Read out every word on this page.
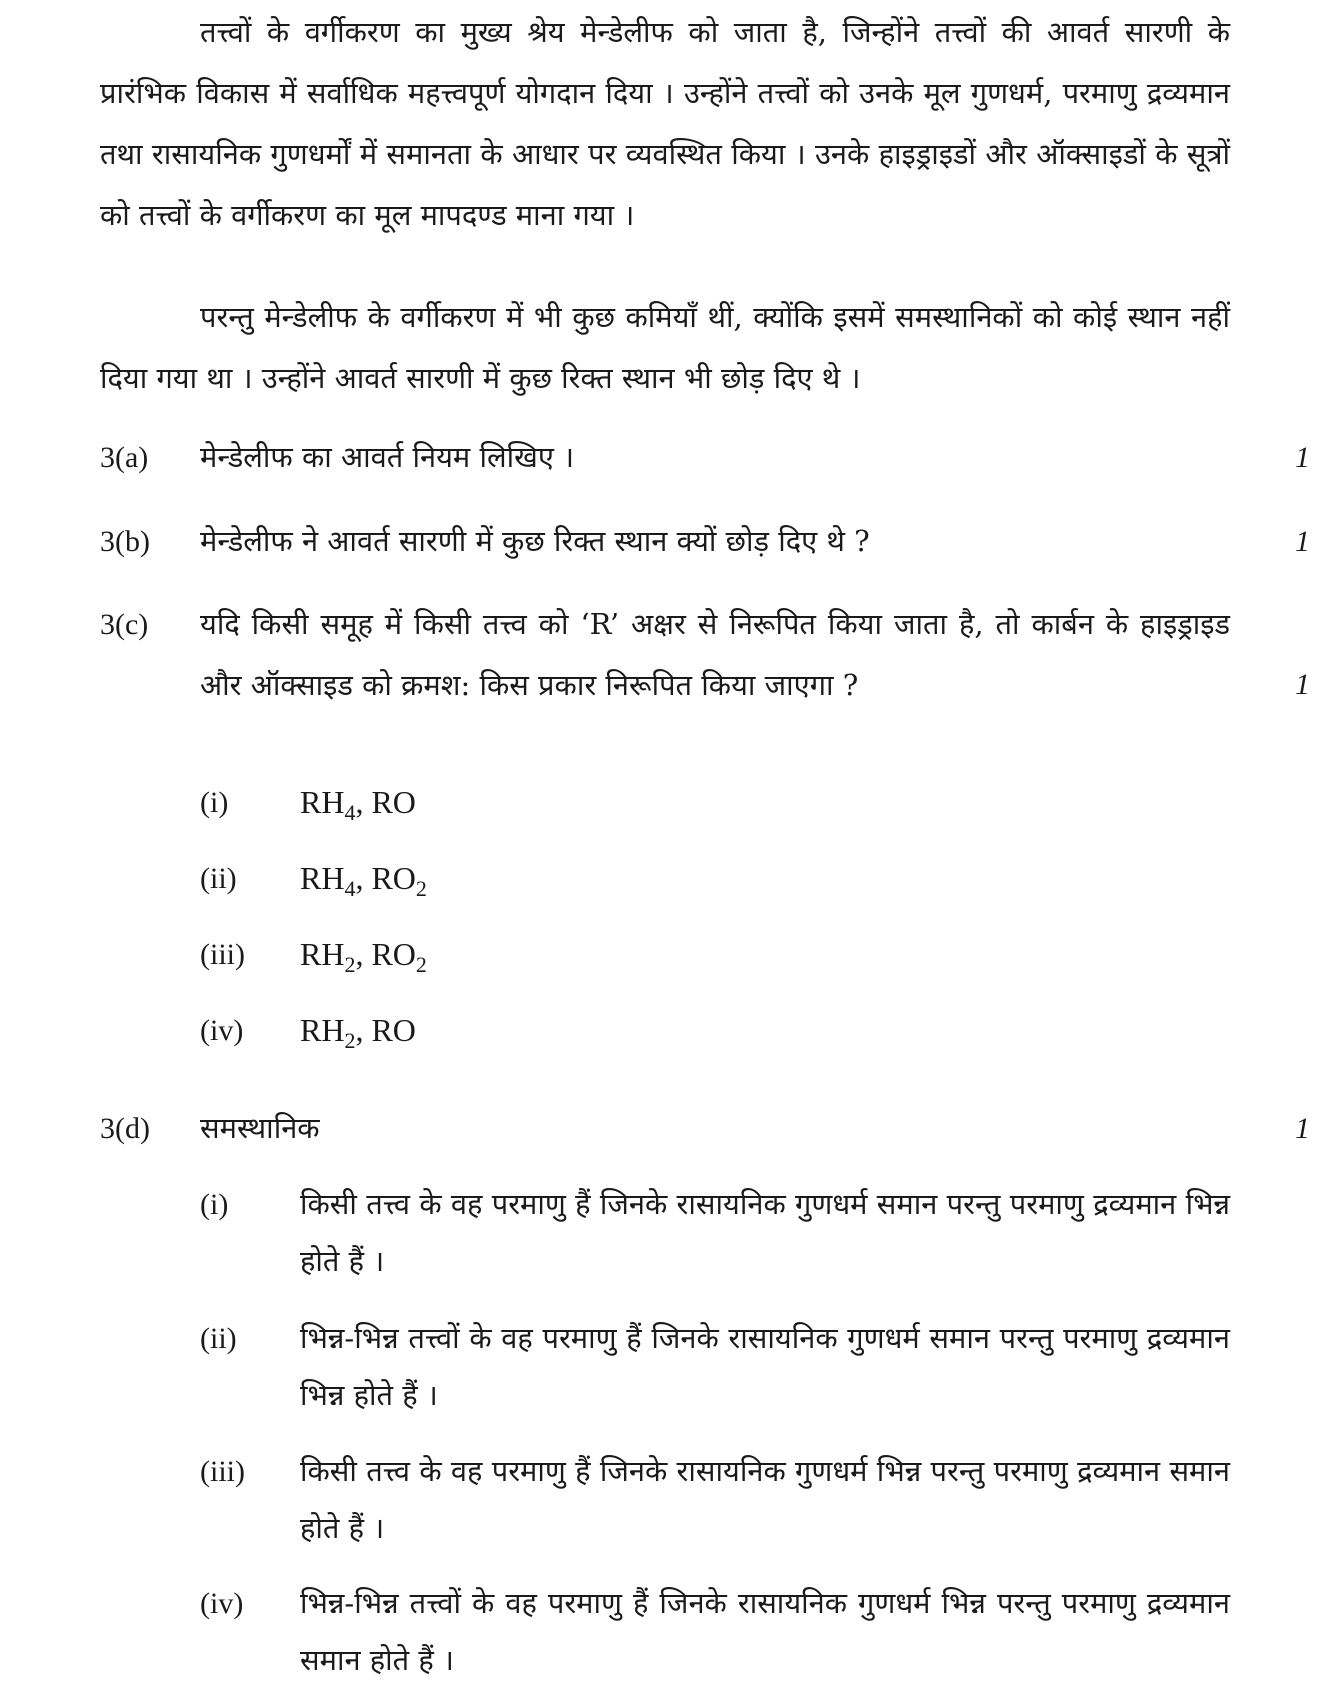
तत्त्वों के वर्गीकरण का मुख्य श्रेय मेन्डेलीफ को जाता है, जिन्होंने तत्त्वों की आवर्त सारणी के प्रारंभिक विकास में सर्वाधिक महत्त्वपूर्ण योगदान दिया । उन्होंने तत्त्वों को उनके मूल गुणधर्म, परमाणु द्रव्यमान तथा रासायनिक गुणधर्मों में समानता के आधार पर व्यवस्थित किया । उनके हाइड्राइडों और ऑक्साइडों के सूत्रों को तत्त्वों के वर्गीकरण का मूल मापदण्ड माना गया ।
परन्तु मेन्डेलीफ के वर्गीकरण में भी कुछ कमियाँ थीं, क्योंकि इसमें समस्थानिकों को कोई स्थान नहीं दिया गया था । उन्होंने आवर्त सारणी में कुछ रिक्त स्थान भी छोड़ दिए थे ।
3(a)	मेन्डेलीफ का आवर्त नियम लिखिए ।	1
3(b)	मेन्डेलीफ ने आवर्त सारणी में कुछ रिक्त स्थान क्यों छोड़ दिए थे ?	1
3(c)	यदि किसी समूह में किसी तत्त्व को ‘R’ अक्षर से निरूपित किया जाता है, तो कार्बन के हाइड्राइड और ऑक्साइड को क्रमश: किस प्रकार निरूपित किया जाएगा ?	1
(i)	$RH_4$, RO
(ii)	$RH_4$, $RO_2$
(iii)	$RH_2$, $RO_2$
(iv)	$RH_2$, RO
3(d)	समस्थानिक	1
(i)	किसी तत्त्व के वह परमाणु हैं जिनके रासायनिक गुणधर्म समान परन्तु परमाणु द्रव्यमान भिन्न होते हैं ।
(ii)	भिन्न-भिन्न तत्त्वों के वह परमाणु हैं जिनके रासायनिक गुणधर्म समान परन्तु परमाणु द्रव्यमान भिन्न होते हैं ।
(iii)	किसी तत्त्व के वह परमाणु हैं जिनके रासायनिक गुणधर्म भिन्न परन्तु परमाणु द्रव्यमान समान होते हैं ।
(iv)	भिन्न-भिन्न तत्त्वों के वह परमाणु हैं जिनके रासायनिक गुणधर्म भिन्न परन्तु परमाणु द्रव्यमान समान होते हैं ।
